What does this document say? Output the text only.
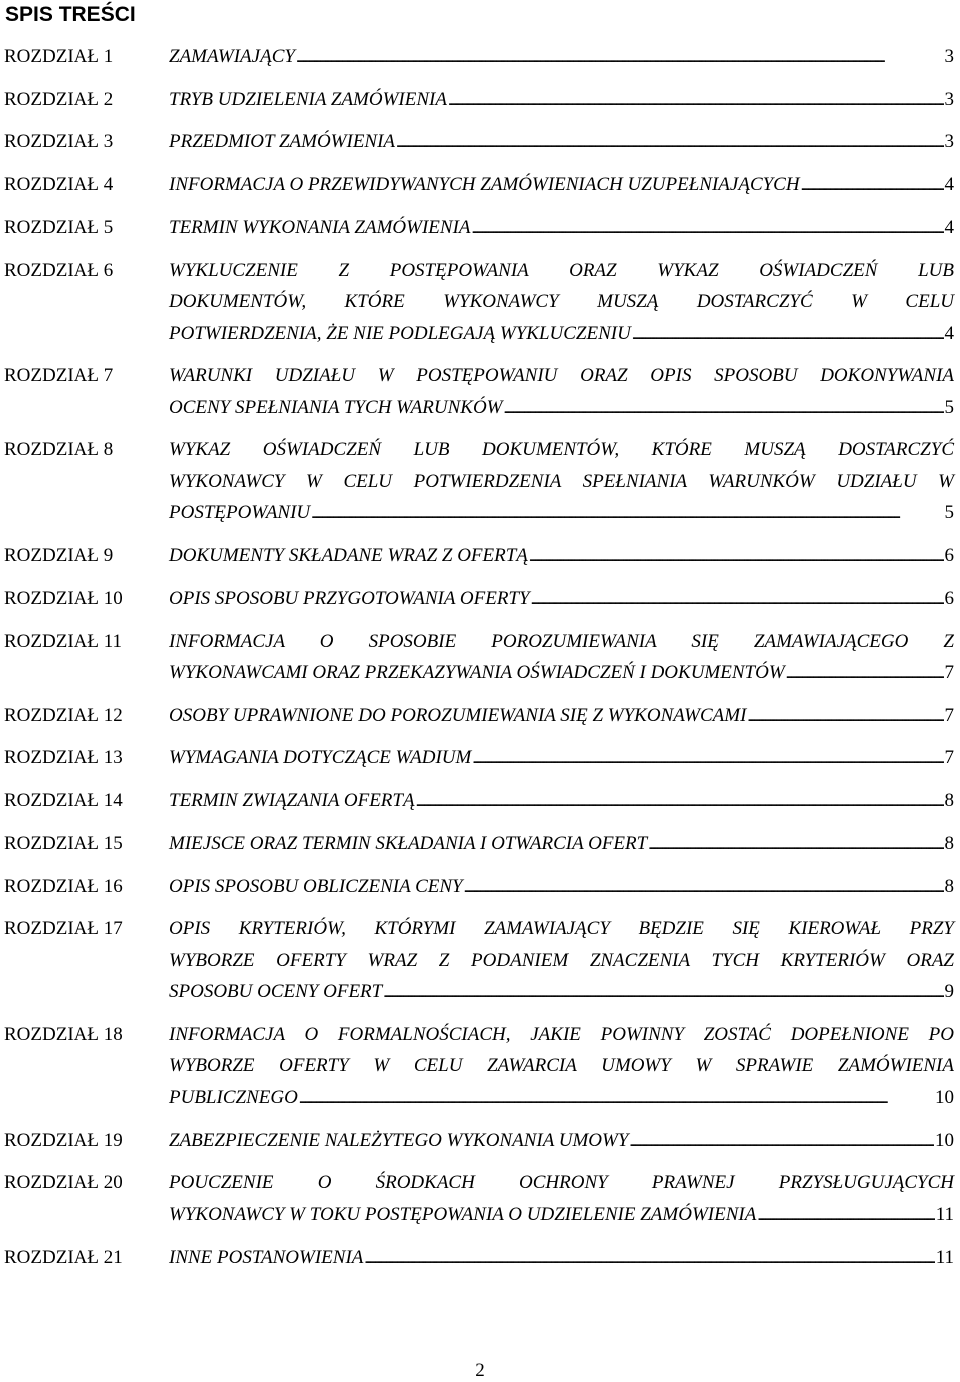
SPIS TREŚCI
ROZDZIAŁ 1	ZAMAWIAJĄCY . . .	3
ROZDZIAŁ 2	TRYB UDZIELENIA ZAMÓWIENIA . . .	3
ROZDZIAŁ 3	PRZEDMIOT ZAMÓWIENIA . . .	3
ROZDZIAŁ 4	INFORMACJA O PRZEWIDYWANYCH ZAMÓWIENIACH UZUPEŁNIAJĄCYCH . . .	4
ROZDZIAŁ 5	TERMIN WYKONANIA ZAMÓWIENIA . . .	4
ROZDZIAŁ 6	WYKLUCZENIE Z POSTĘPOWANIA ORAZ WYKAZ OŚWIADCZEŃ LUB
DOKUMENTÓW, KTÓRE WYKONAWCY MUSZĄ DOSTARCZYĆ W CELU
POTWIERDZENIA, ŻE NIE PODLEGAJĄ WYKLUCZENIU . . .	4
ROZDZIAŁ 7	WARUNKI UDZIAŁU W POSTĘPOWANIU ORAZ OPIS SPOSOBU DOKONYWANIA
OCENY SPEŁNIANIA TYCH WARUNKÓW . . .	5
ROZDZIAŁ 8	WYKAZ OŚWIADCZEŃ LUB DOKUMENTÓW, KTÓRE MUSZĄ DOSTARCZYĆ
WYKONAWCY W CELU POTWIERDZENIA SPEŁNIANIA WARUNKÓW UDZIAŁU W
POSTĘPOWANIU . . .	5
ROZDZIAŁ 9	DOKUMENTY SKŁADANE WRAZ Z OFERTĄ . . .	6
ROZDZIAŁ 10 OPIS SPOSOBU PRZYGOTOWANIA OFERTY . . .	6
ROZDZIAŁ 11 INFORMACJA O SPOSOBIE POROZUMIEWANIA SIĘ ZAMAWIAJĄCEGO Z
WYKONAWCAMI ORAZ PRZEKAZYWANIA OŚWIADCZEŃ I DOKUMENTÓW . . .	7
ROZDZIAŁ 12 OSOBY UPRAWNIONE DO POROZUMIEWANIA SIĘ Z WYKONAWCAMI . . .	7
ROZDZIAŁ 13 WYMAGANIA DOTYCZĄCE WADIUM . . .	7
ROZDZIAŁ 14 TERMIN ZWIĄZANIA OFERTĄ . . .	8
ROZDZIAŁ 15 MIEJSCE ORAZ TERMIN SKŁADANIA I OTWARCIA OFERT . . .	8
ROZDZIAŁ 16 OPIS SPOSOBU OBLICZENIA CENY . . .	8
ROZDZIAŁ 17 OPIS KRYTERIÓW, KTÓRYMI ZAMAWIAJĄCY BĘDZIE SIĘ KIEROWAŁ PRZY
WYBORZE OFERTY WRAZ Z PODANIEM ZNACZENIA TYCH KRYTERIÓW ORAZ
SPOSOBU OCENY OFERT . . .	9
ROZDZIAŁ 18 INFORMACJA O FORMALNOŚCIACH, JAKIE POWINNY ZOSTAĆ DOPEŁNIONE PO
WYBORZE OFERTY W CELU ZAWARCIA UMOWY W SPRAWIE ZAMÓWIENIA
PUBLICZNEGO . . .	10
ROZDZIAŁ 19 ZABEZPIECZENIE NALEŻYTEGO WYKONANIA UMOWY . . .	10
ROZDZIAŁ 20 POUCZENIE O ŚRODKACH OCHRONY PRAWNEJ PRZYSŁUGUJĄCYCH
WYKONAWCY W TOKU POSTĘPOWANIA O UDZIELENIE ZAMÓWIENIA . . .	11
ROZDZIAŁ 21 INNE POSTANOWIENIA . . .	11
2
